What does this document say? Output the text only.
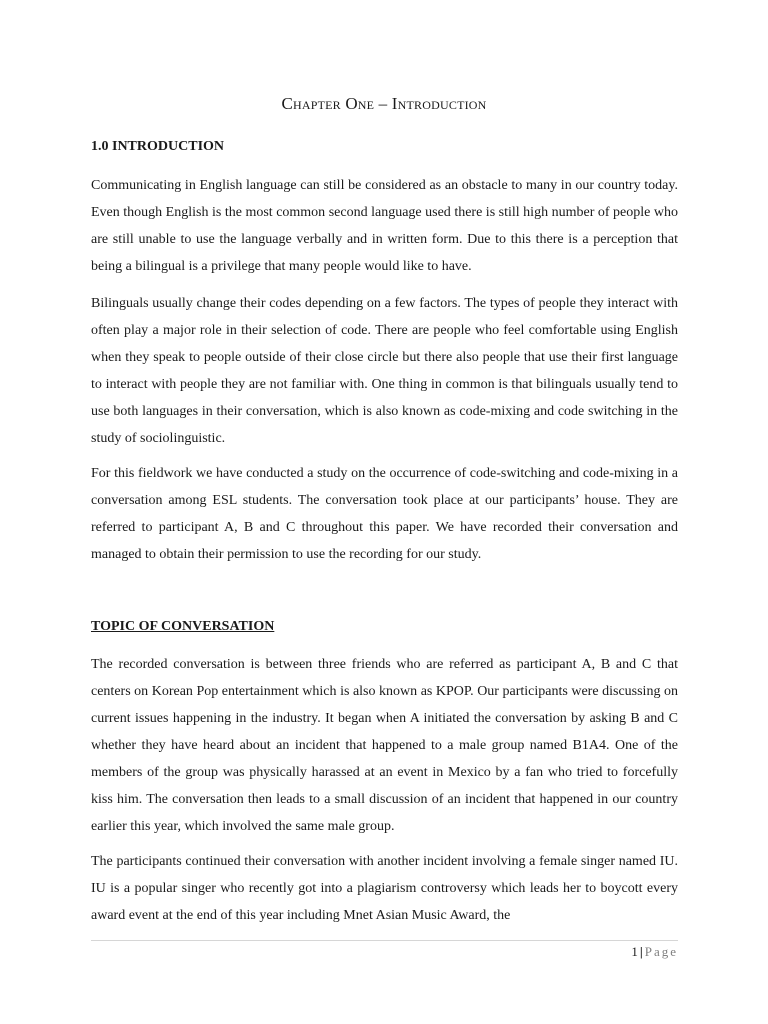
Chapter One – Introduction
1.0 INTRODUCTION

Communicating in English language can still be considered as an obstacle to many in our country today. Even though English is the most common second language used there is still high number of people who are still unable to use the language verbally and in written form. Due to this there is a perception that being a bilingual is a privilege that many people would like to have.

Bilinguals usually change their codes depending on a few factors. The types of people they interact with often play a major role in their selection of code. There are people who feel comfortable using English when they speak to people outside of their close circle but there also people that use their first language to interact with people they are not familiar with. One thing in common is that bilinguals usually tend to use both languages in their conversation, which is also known as code-mixing and code switching in the study of sociolinguistic.

For this fieldwork we have conducted a study on the occurrence of code-switching and code-mixing in a conversation among ESL students. The conversation took place at our participants’ house. They are referred to participant A, B and C throughout this paper. We have recorded their conversation and managed to obtain their permission to use the recording for our study.

TOPIC OF CONVERSATION

The recorded conversation is between three friends who are referred as participant A, B and C that centers on Korean Pop entertainment which is also known as KPOP. Our participants were discussing on current issues happening in the industry. It began when A initiated the conversation by asking B and C whether they have heard about an incident that happened to a male group named B1A4. One of the members of the group was physically harassed at an event in Mexico by a fan who tried to forcefully kiss him. The conversation then leads to a small discussion of an incident that happened in our country earlier this year, which involved the same male group.

The participants continued their conversation with another incident involving a female singer named IU. IU is a popular singer who recently got into a plagiarism controversy which leads her to boycott every award event at the end of this year including Mnet Asian Music Award, the

1 | Page
